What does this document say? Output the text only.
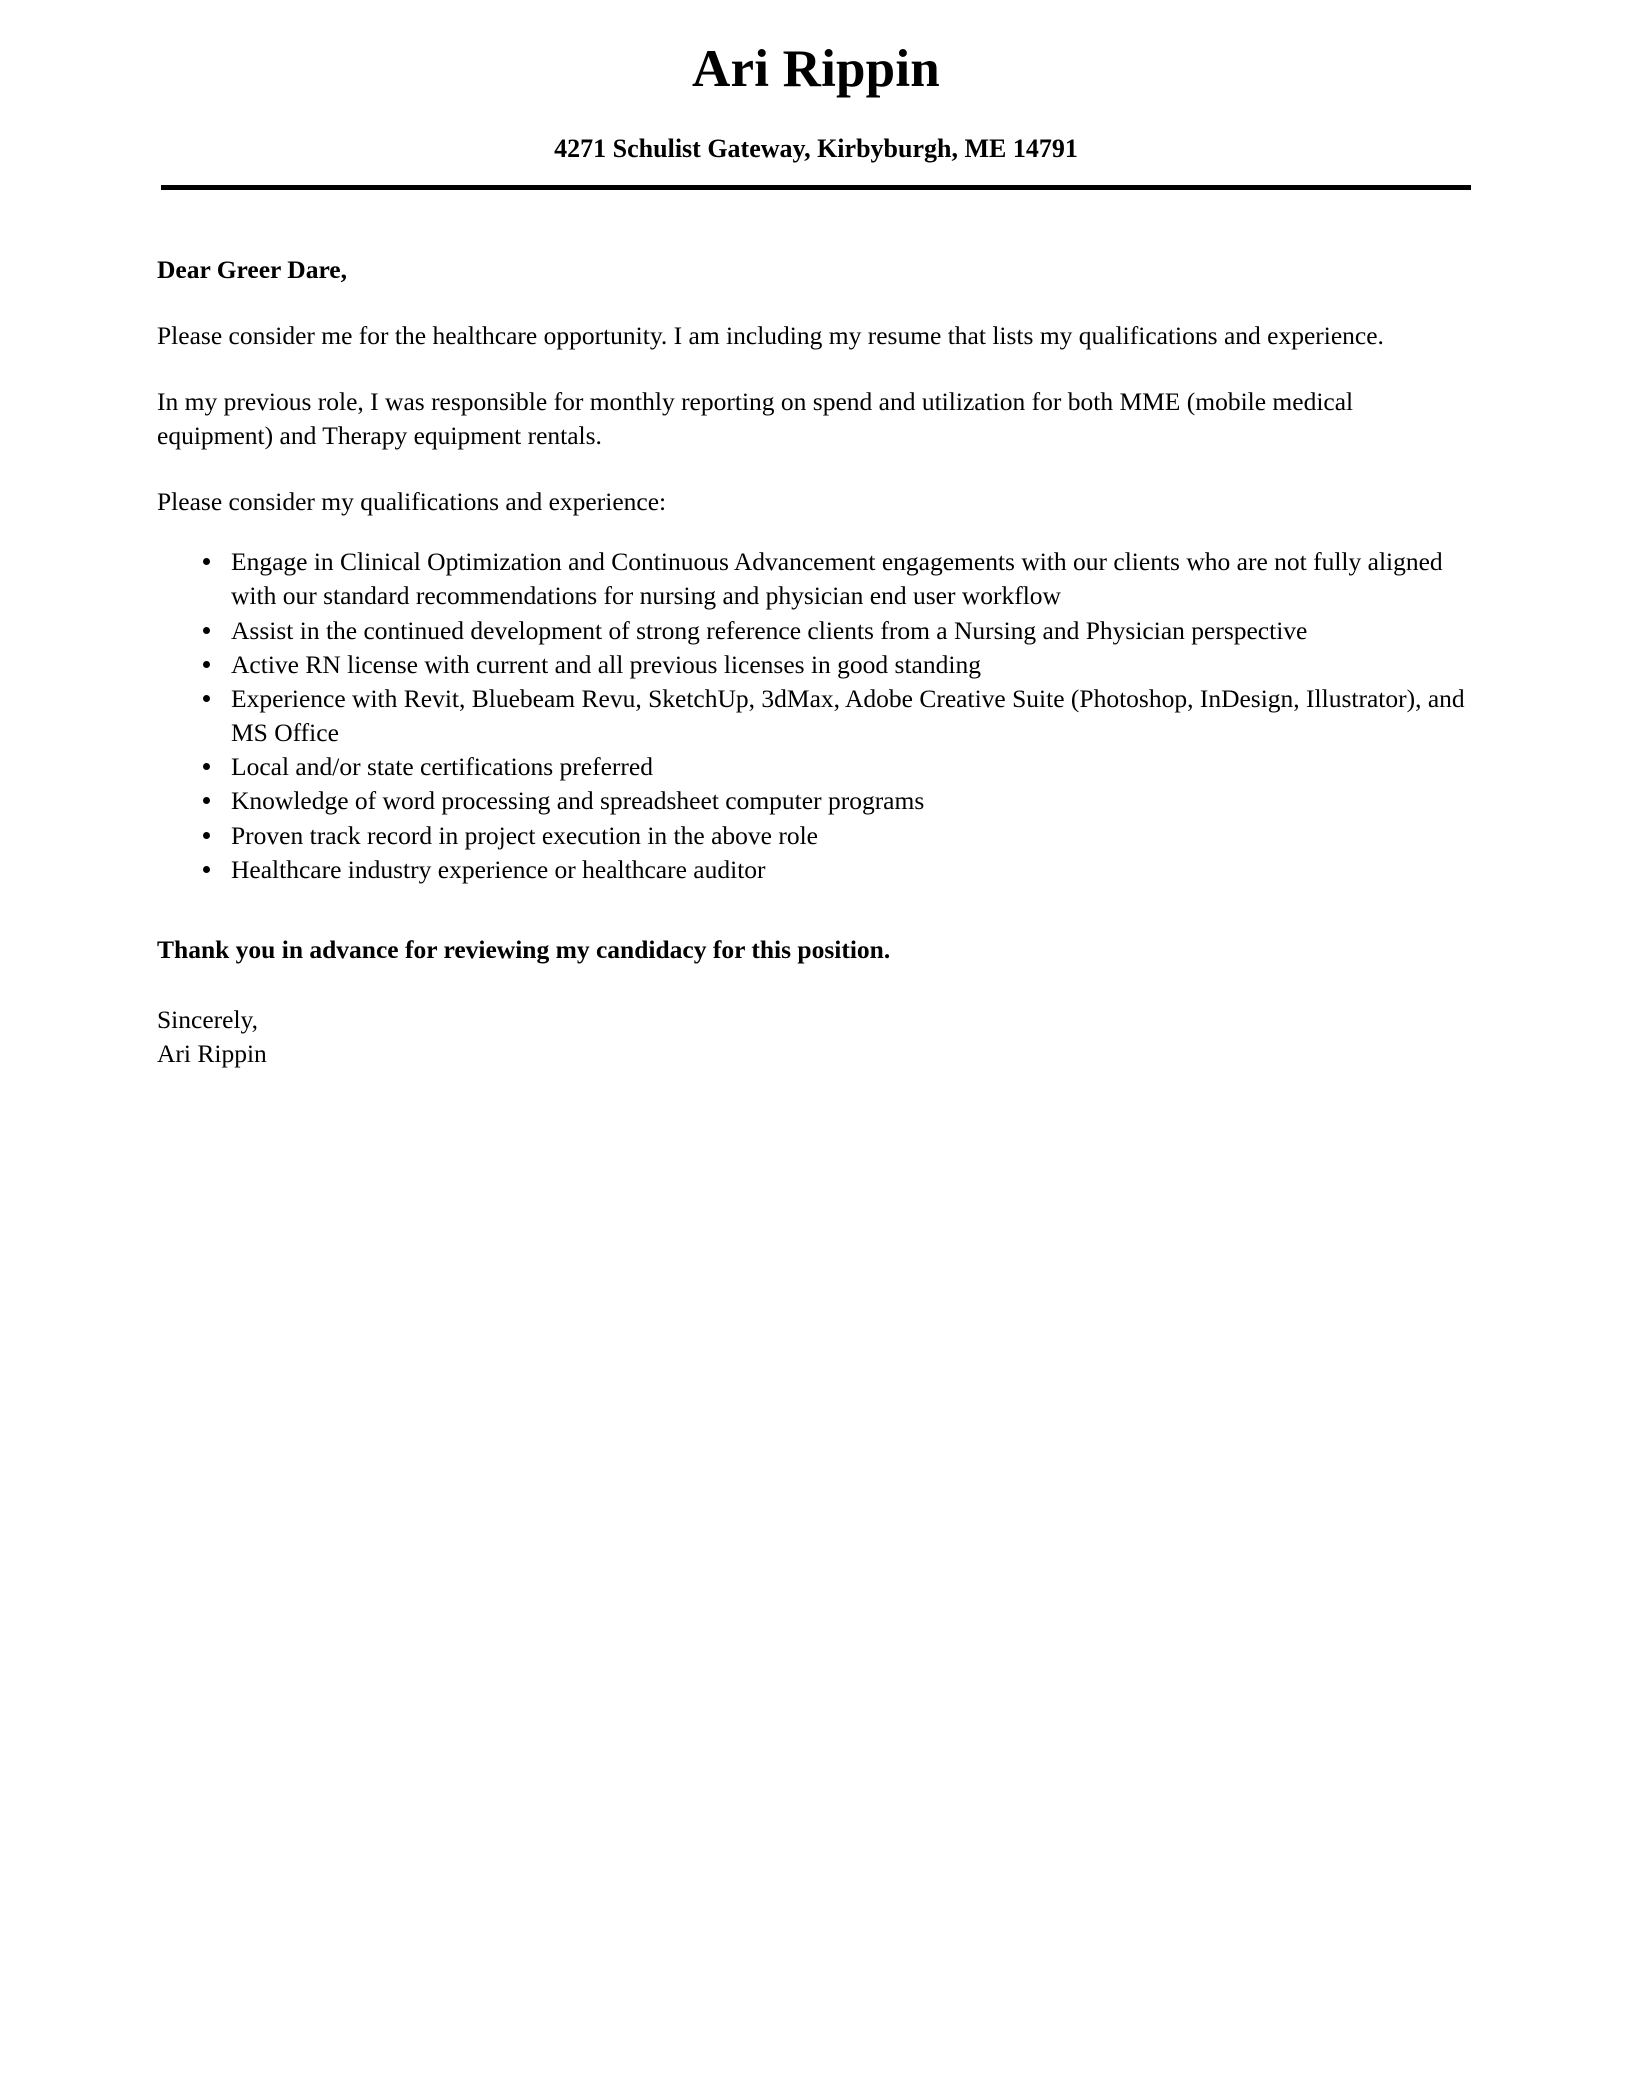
Ari Rippin
4271 Schulist Gateway, Kirbyburgh, ME 14791

Dear Greer Dare,

Please consider me for the healthcare opportunity. I am including my resume that lists my qualifications and experience.

In my previous role, I was responsible for monthly reporting on spend and utilization for both MME (mobile medical equipment) and Therapy equipment rentals.

Please consider my qualifications and experience:

Engage in Clinical Optimization and Continuous Advancement engagements with our clients who are not fully aligned with our standard recommendations for nursing and physician end user workflow
Assist in the continued development of strong reference clients from a Nursing and Physician perspective
Active RN license with current and all previous licenses in good standing
Experience with Revit, Bluebeam Revu, SketchUp, 3dMax, Adobe Creative Suite (Photoshop, InDesign, Illustrator), and MS Office
Local and/or state certifications preferred
Knowledge of word processing and spreadsheet computer programs
Proven track record in project execution in the above role
Healthcare industry experience or healthcare auditor

Thank you in advance for reviewing my candidacy for this position.

Sincerely,
Ari Rippin
